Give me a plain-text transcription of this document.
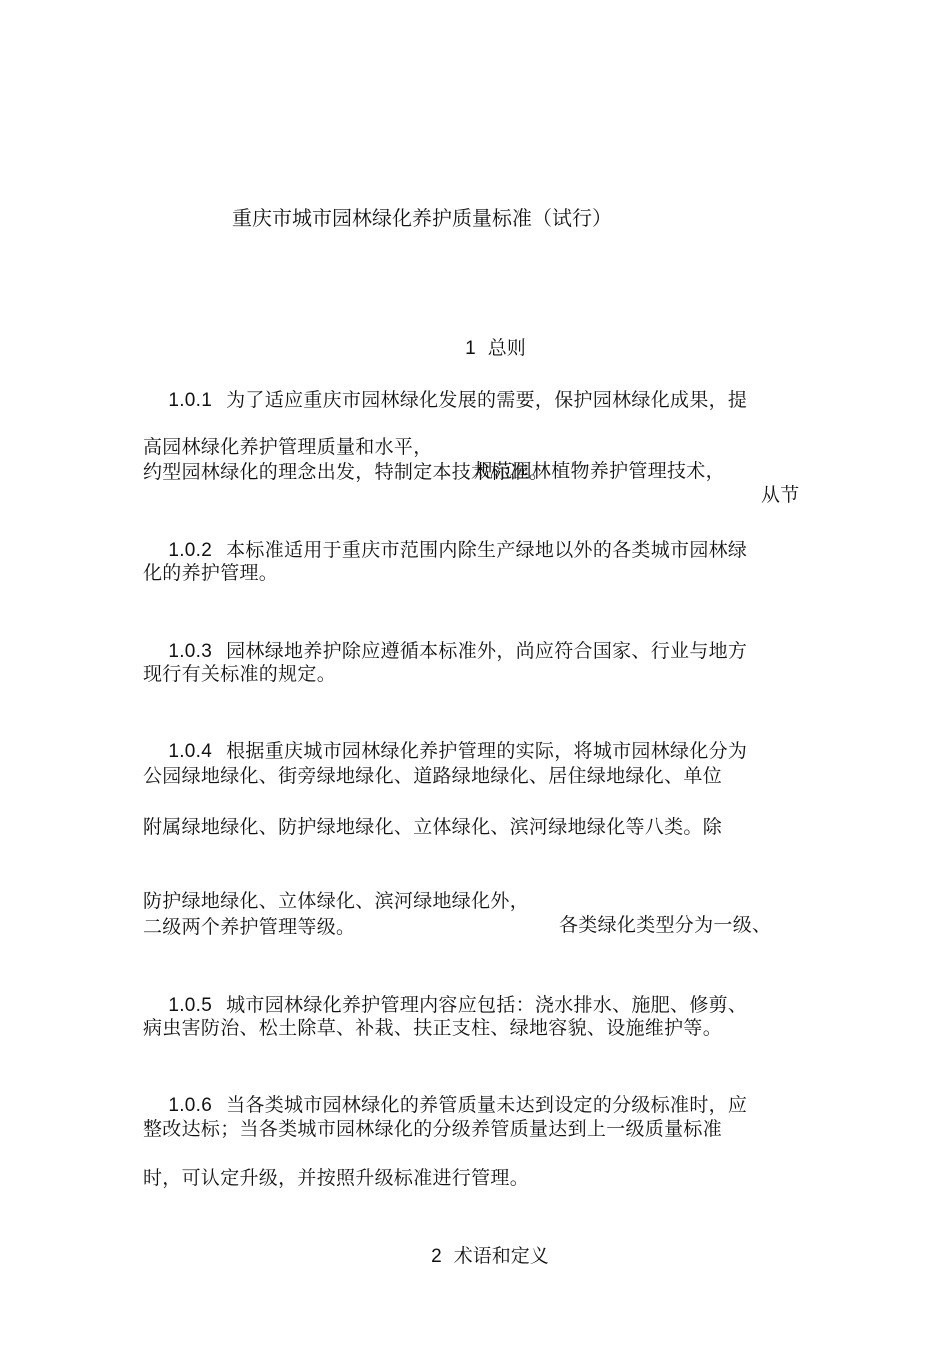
重庆市城市园林绿化养护质量标准（试行）

1 总则

1.0.1 为了适应重庆市园林绿化发展的需要，保护园林绿化成果，提

高园林绿化养护管理质量和水平，

规范园林植物养护管理技术，

从节

约型园林绿化的理念出发，特制定本技术标准。

1.0.2 本标准适用于重庆市范围内除生产绿地以外的各类城市园林绿

化的养护管理。

1.0.3 园林绿地养护除应遵循本标准外，尚应符合国家、行业与地方

现行有关标准的规定。

1.0.4 根据重庆城市园林绿化养护管理的实际，将城市园林绿化分为

公园绿地绿化、街旁绿地绿化、道路绿地绿化、居住绿地绿化、单位
附属绿地绿化、防护绿地绿化、立体绿化、滨河绿地绿化等八类。除

防护绿地绿化、立体绿化、滨河绿地绿化外，

各类绿化类型分为一级、

二级两个养护管理等级。

1.0.5 城市园林绿化养护管理内容应包括：浇水排水、施肥、修剪、

病虫害防治、松土除草、补栽、扶正支柱、绿地容貌、设施维护等。

1.0.6 当各类城市园林绿化的养管质量未达到设定的分级标准时，应

整改达标；当各类城市园林绿化的分级养管质量达到上一级质量标准
时，可认定升级，并按照升级标准进行管理。

2 术语和定义
